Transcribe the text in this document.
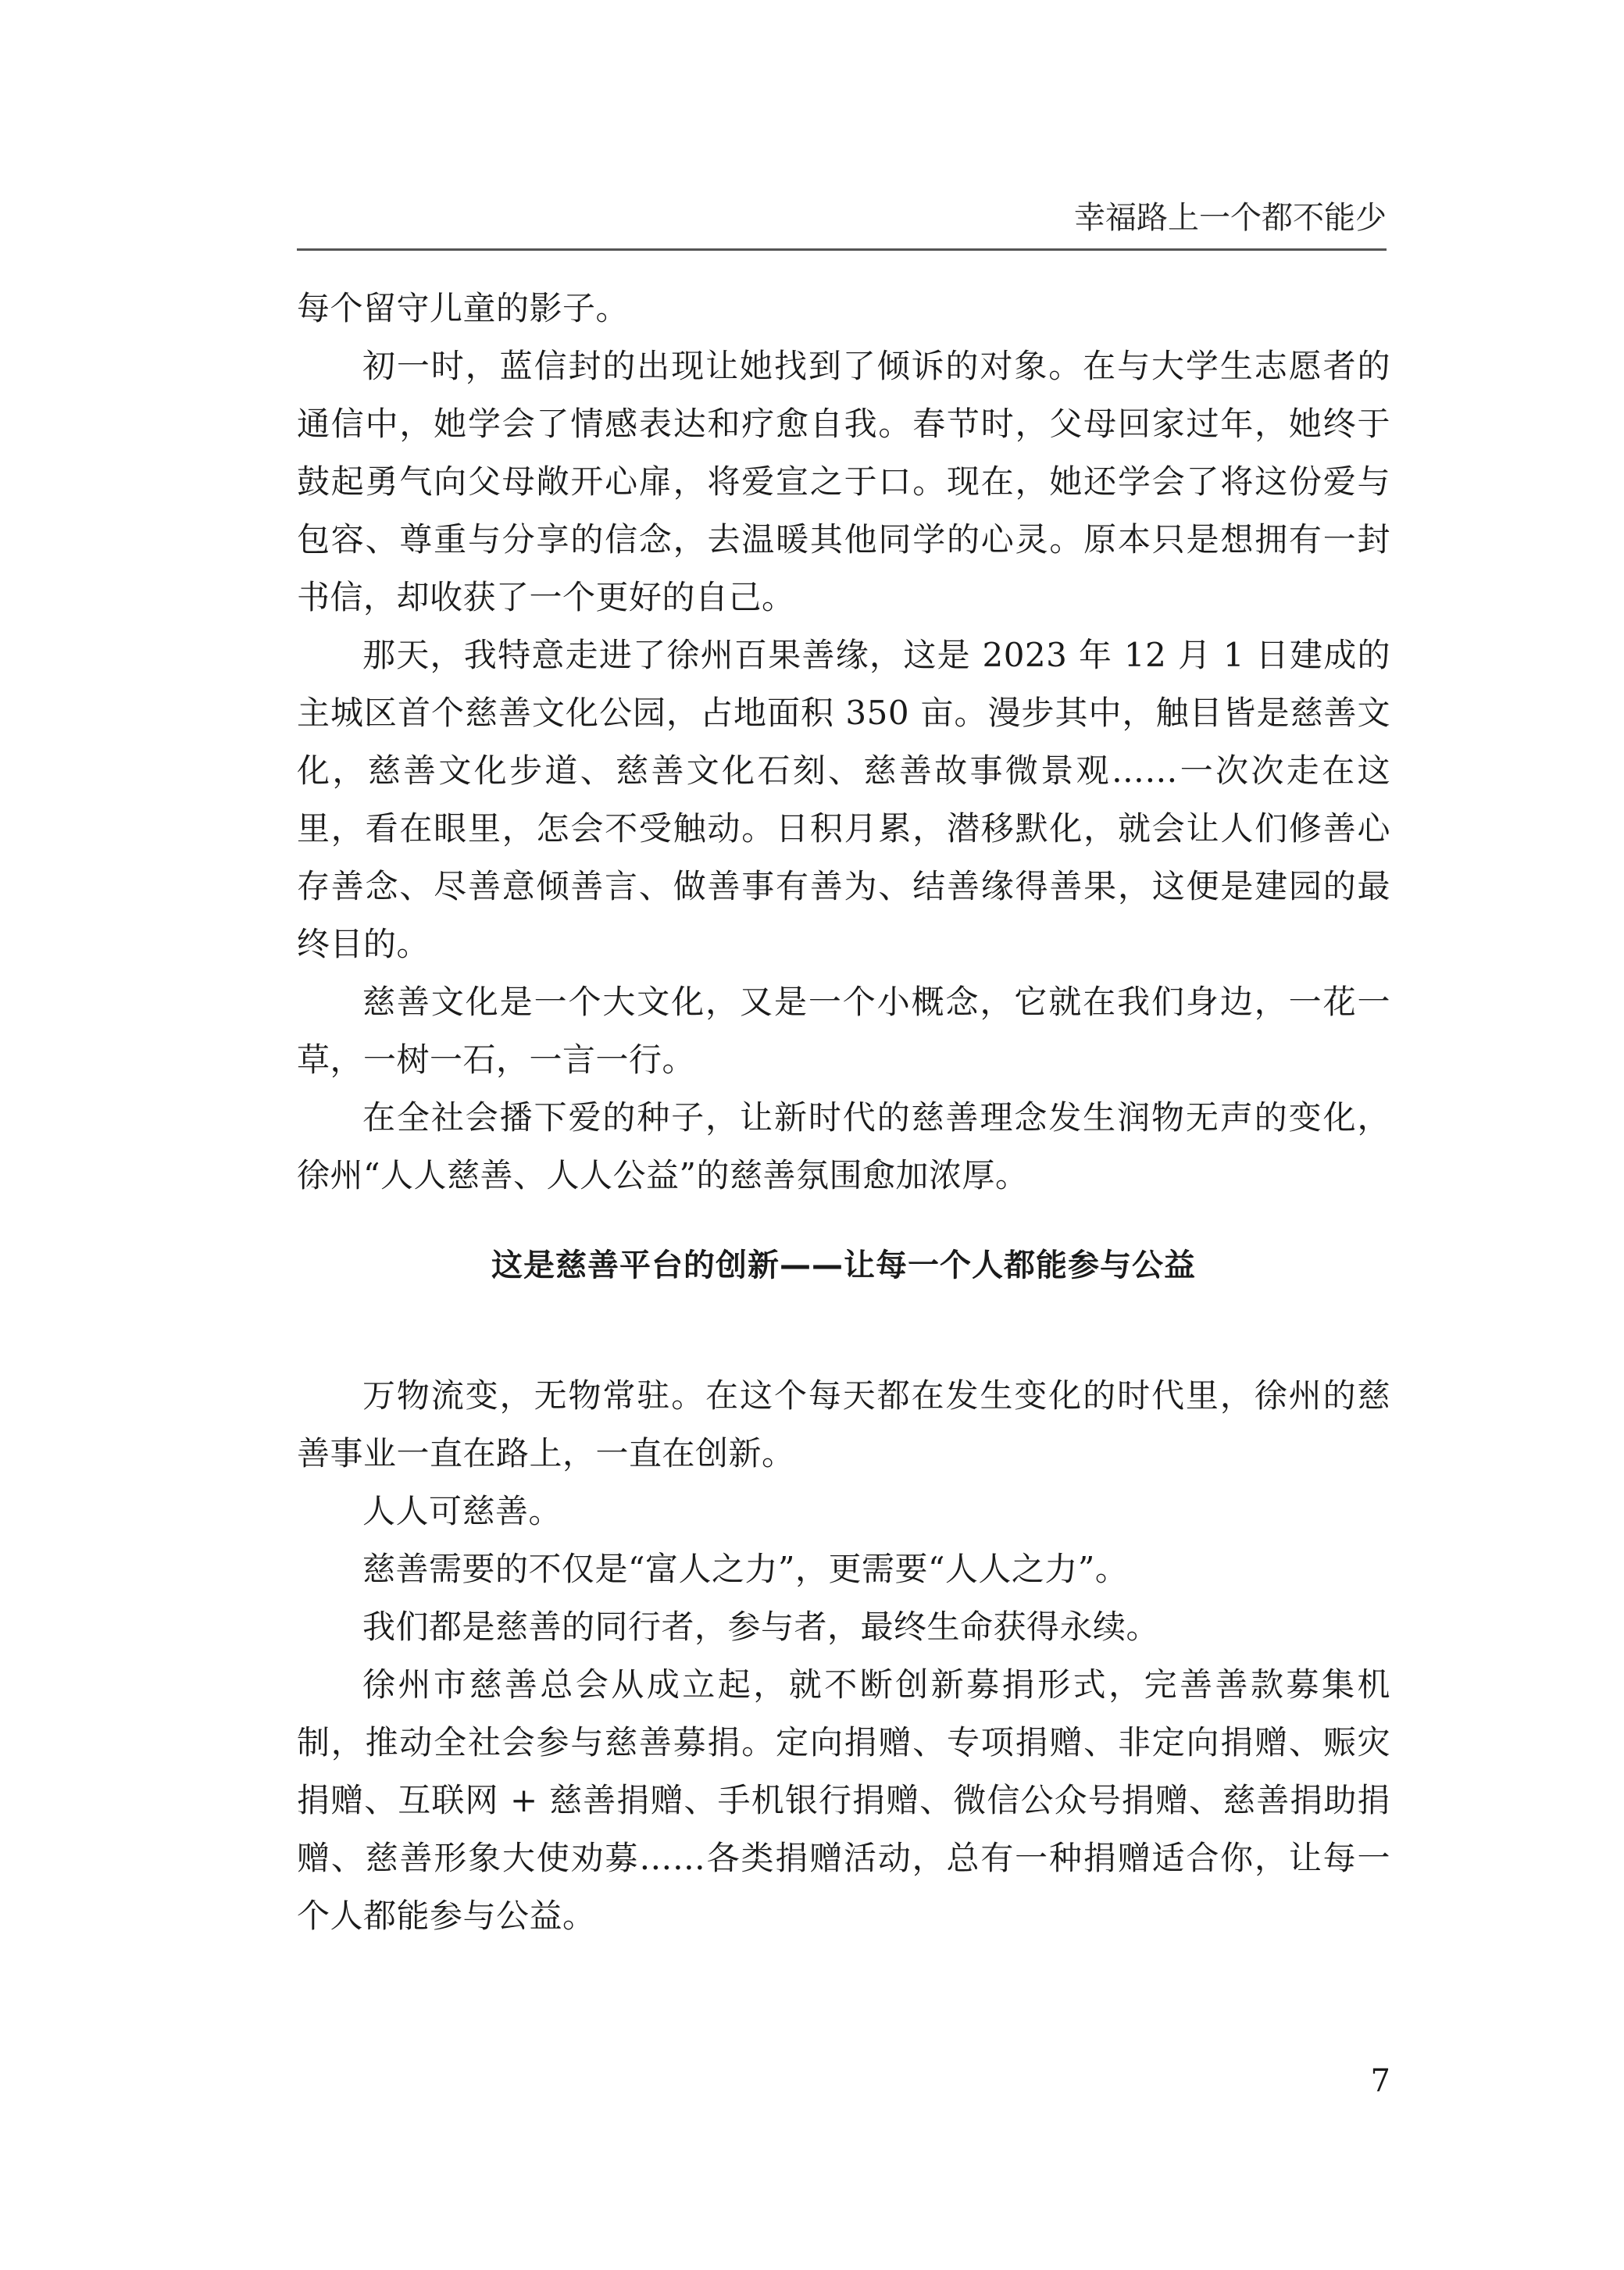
幸福路上一个都不能少

每个留守儿童的影子。

初一时，蓝信封的出现让她找到了倾诉的对象。在与大学生志愿者的通信中，她学会了情感表达和疗愈自我。春节时，父母回家过年，她终于鼓起勇气向父母敞开心扉，将爱宣之于口。现在，她还学会了将这份爱与包容、尊重与分享的信念，去温暖其他同学的心灵。原本只是想拥有一封书信，却收获了一个更好的自己。

那天，我特意走进了徐州百果善缘，这是 2023 年 12 月 1 日建成的主城区首个慈善文化公园，占地面积 350 亩。漫步其中，触目皆是慈善文化，慈善文化步道、慈善文化石刻、慈善故事微景观……一次次走在这里，看在眼里，怎会不受触动。日积月累，潜移默化，就会让人们修善心存善念、尽善意倾善言、做善事有善为、结善缘得善果，这便是建园的最终目的。

慈善文化是一个大文化，又是一个小概念，它就在我们身边，一花一草，一树一石，一言一行。

在全社会播下爱的种子，让新时代的慈善理念发生润物无声的变化，徐州“人人慈善、人人公益”的慈善氛围愈加浓厚。

这是慈善平台的创新——让每一个人都能参与公益

万物流变，无物常驻。在这个每天都在发生变化的时代里，徐州的慈善事业一直在路上，一直在创新。

人人可慈善。

慈善需要的不仅是“富人之力”，更需要“人人之力”。

我们都是慈善的同行者，参与者，最终生命获得永续。

徐州市慈善总会从成立起，就不断创新募捐形式，完善善款募集机制，推动全社会参与慈善募捐。定向捐赠、专项捐赠、非定向捐赠、赈灾捐赠、互联网 + 慈善捐赠、手机银行捐赠、微信公众号捐赠、慈善捐助捐赠、慈善形象大使劝募……各类捐赠活动，总有一种捐赠适合你，让每一个人都能参与公益。

7
